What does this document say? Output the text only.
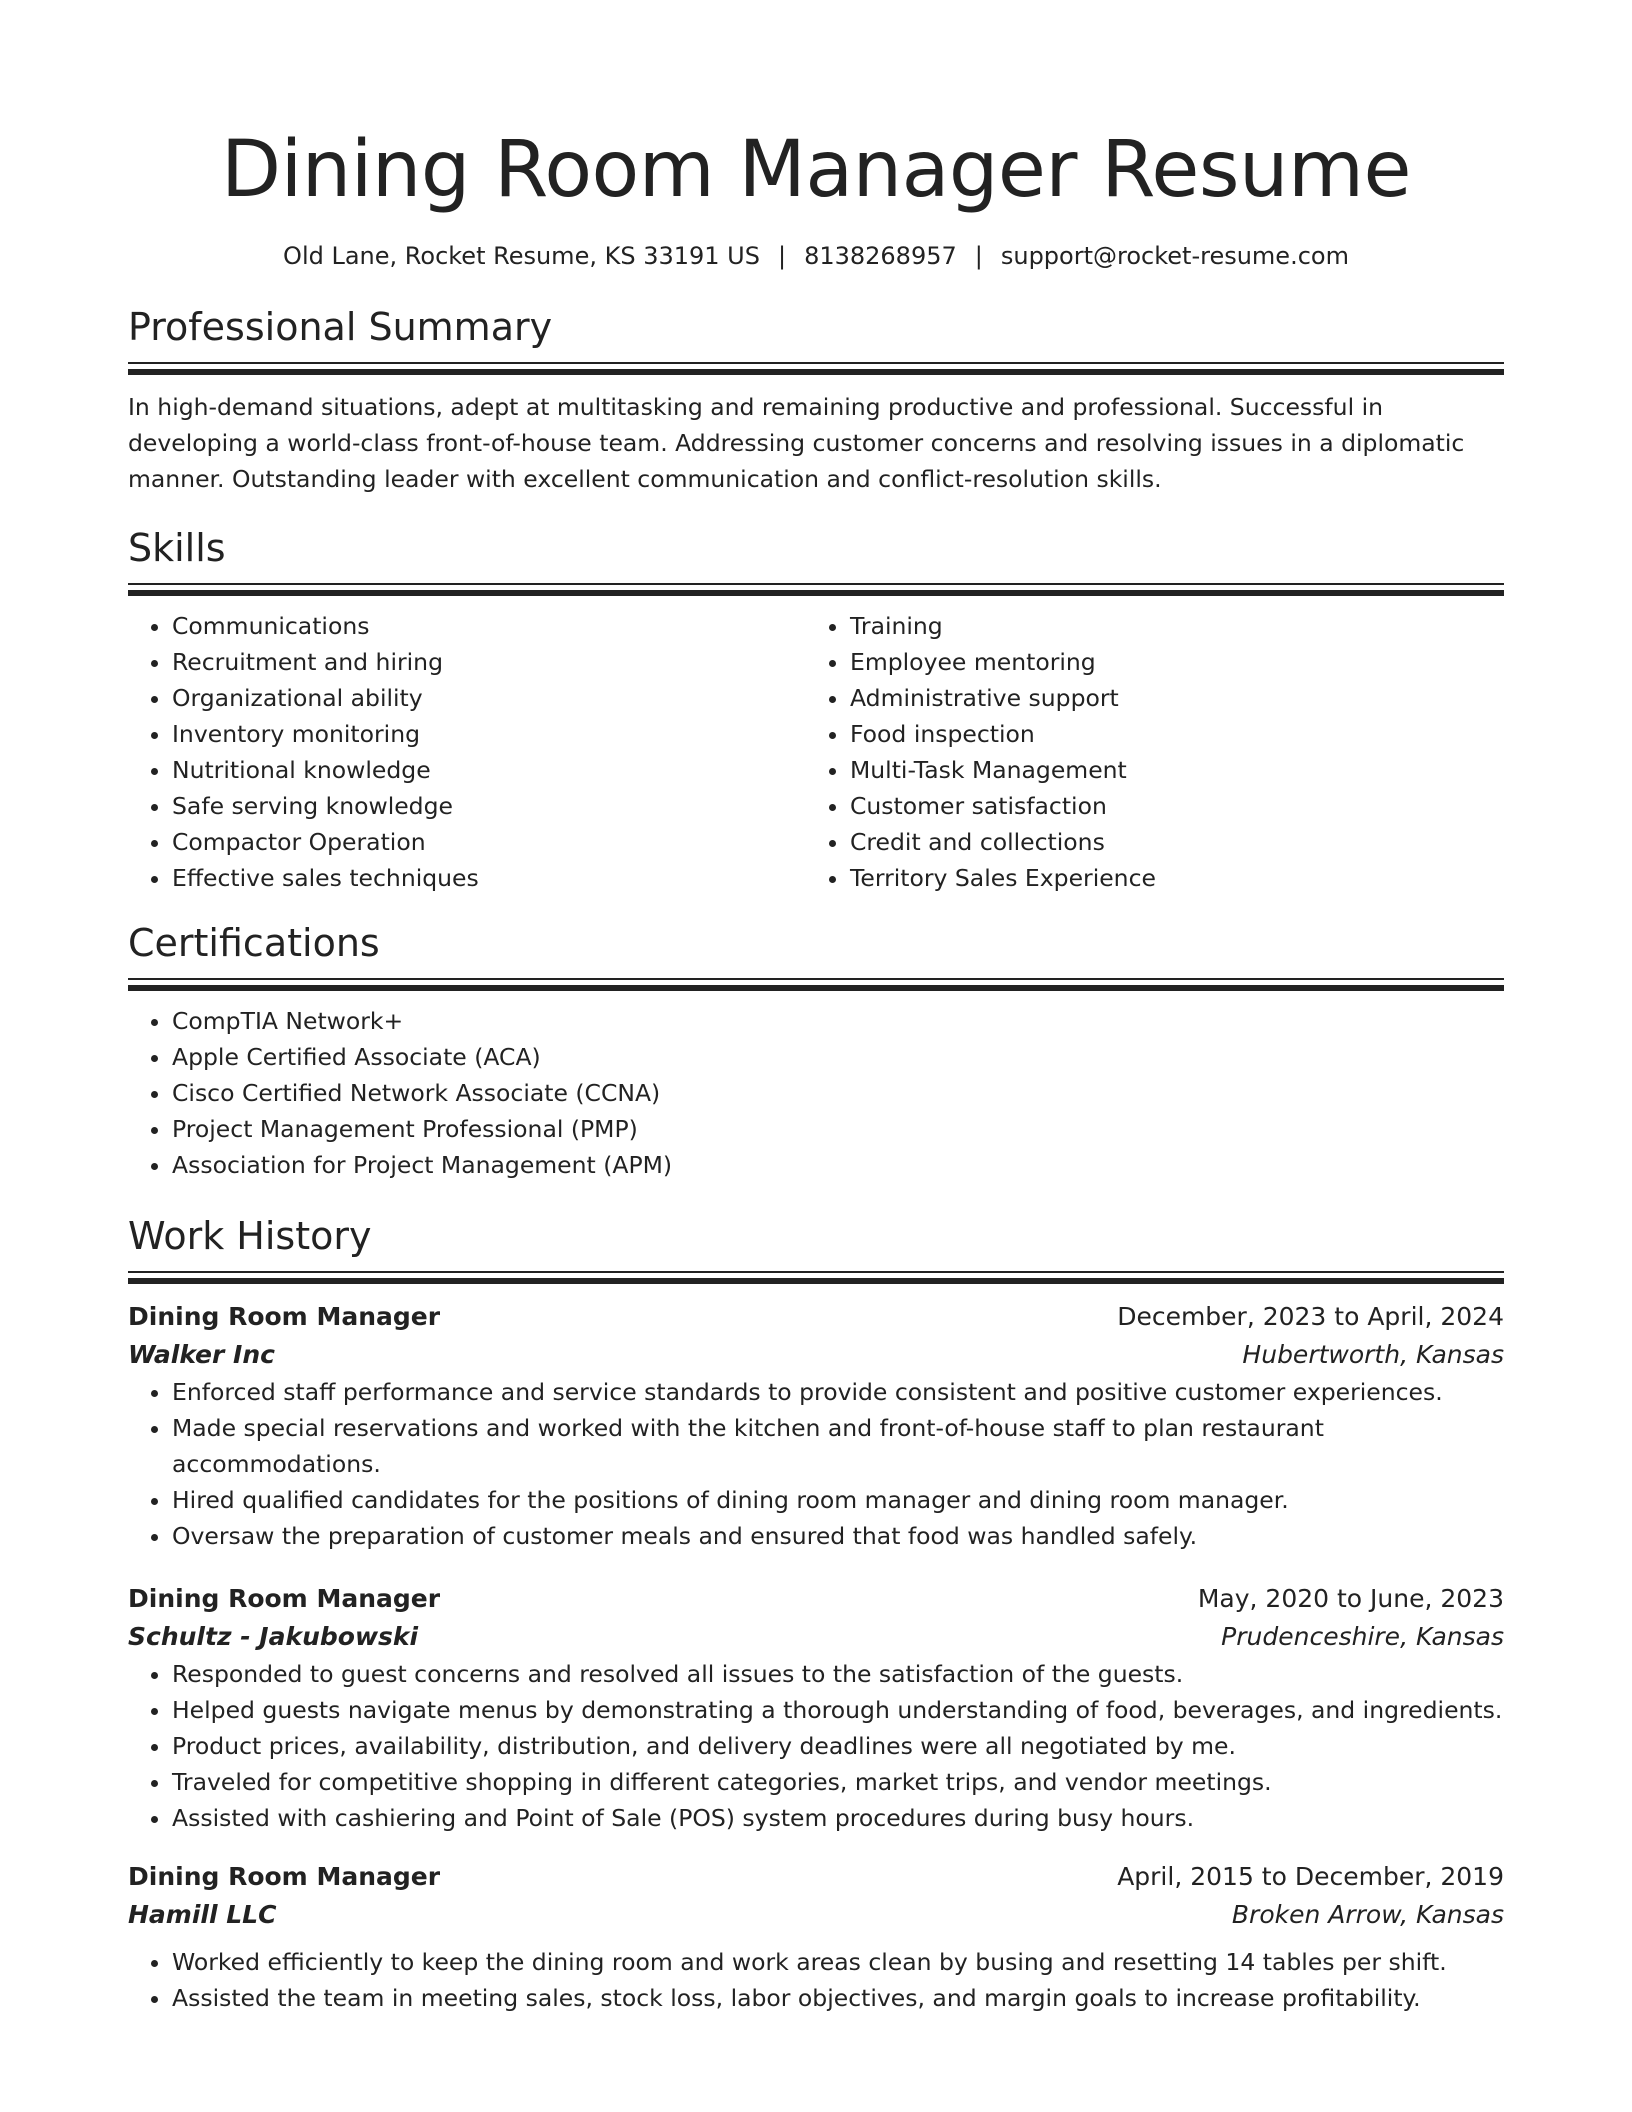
Dining Room Manager Resume
Old Lane, Rocket Resume, KS 33191 US | 8138268957 | support@rocket-resume.com
Professional Summary
In high-demand situations, adept at multitasking and remaining productive and professional. Successful in developing a world-class front-of-house team. Addressing customer concerns and resolving issues in a diplomatic manner. Outstanding leader with excellent communication and conflict-resolution skills.
Skills
• Communications
• Recruitment and hiring
• Organizational ability
• Inventory monitoring
• Nutritional knowledge
• Safe serving knowledge
• Compactor Operation
• Effective sales techniques
• Training
• Employee mentoring
• Administrative support
• Food inspection
• Multi-Task Management
• Customer satisfaction
• Credit and collections
• Territory Sales Experience
Certifications
• CompTIA Network+
• Apple Certified Associate (ACA)
• Cisco Certified Network Associate (CCNA)
• Project Management Professional (PMP)
• Association for Project Management (APM)
Work History
Dining Room Manager	December, 2023 to April, 2024
Walker Inc	Hubertworth, Kansas
• Enforced staff performance and service standards to provide consistent and positive customer experiences.
• Made special reservations and worked with the kitchen and front-of-house staff to plan restaurant accommodations.
• Hired qualified candidates for the positions of dining room manager and dining room manager.
• Oversaw the preparation of customer meals and ensured that food was handled safely.
Dining Room Manager	May, 2020 to June, 2023
Schultz - Jakubowski	Prudenceshire, Kansas
• Responded to guest concerns and resolved all issues to the satisfaction of the guests.
• Helped guests navigate menus by demonstrating a thorough understanding of food, beverages, and ingredients.
• Product prices, availability, distribution, and delivery deadlines were all negotiated by me.
• Traveled for competitive shopping in different categories, market trips, and vendor meetings.
• Assisted with cashiering and Point of Sale (POS) system procedures during busy hours.
Dining Room Manager	April, 2015 to December, 2019
Hamill LLC	Broken Arrow, Kansas
• Worked efficiently to keep the dining room and work areas clean by busing and resetting 14 tables per shift.
• Assisted the team in meeting sales, stock loss, labor objectives, and margin goals to increase profitability.
